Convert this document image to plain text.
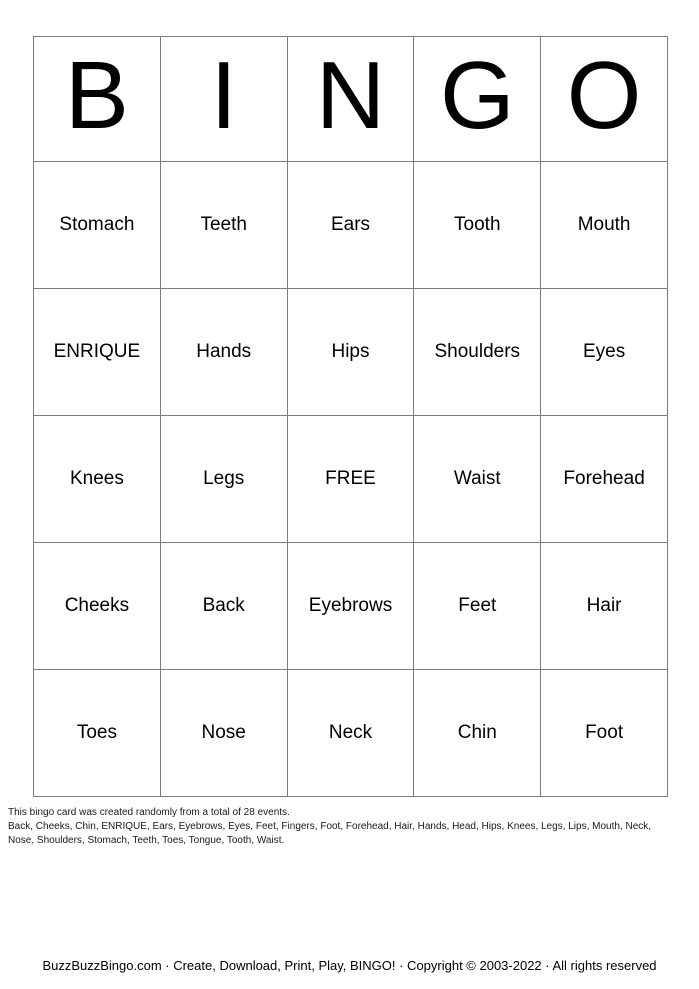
B I N G O
Stomach	Teeth	Ears	Tooth	Mouth
ENRIQUE	Hands	Hips	Shoulders	Eyes
Knees	Legs	FREE	Waist	Forehead
Cheeks	Back	Eyebrows	Feet	Hair
Toes	Nose	Neck	Chin	Foot
This bingo card was created randomly from a total of 28 events.
Back, Cheeks, Chin, ENRIQUE, Ears, Eyebrows, Eyes, Feet, Fingers, Foot, Forehead, Hair, Hands, Head, Hips, Knees, Legs, Lips, Mouth, Neck, Nose, Shoulders, Stomach, Teeth, Toes, Tongue, Tooth, Waist.
BuzzBuzzBingo.com · Create, Download, Print, Play, BINGO! · Copyright © 2003-2022 · All rights reserved
